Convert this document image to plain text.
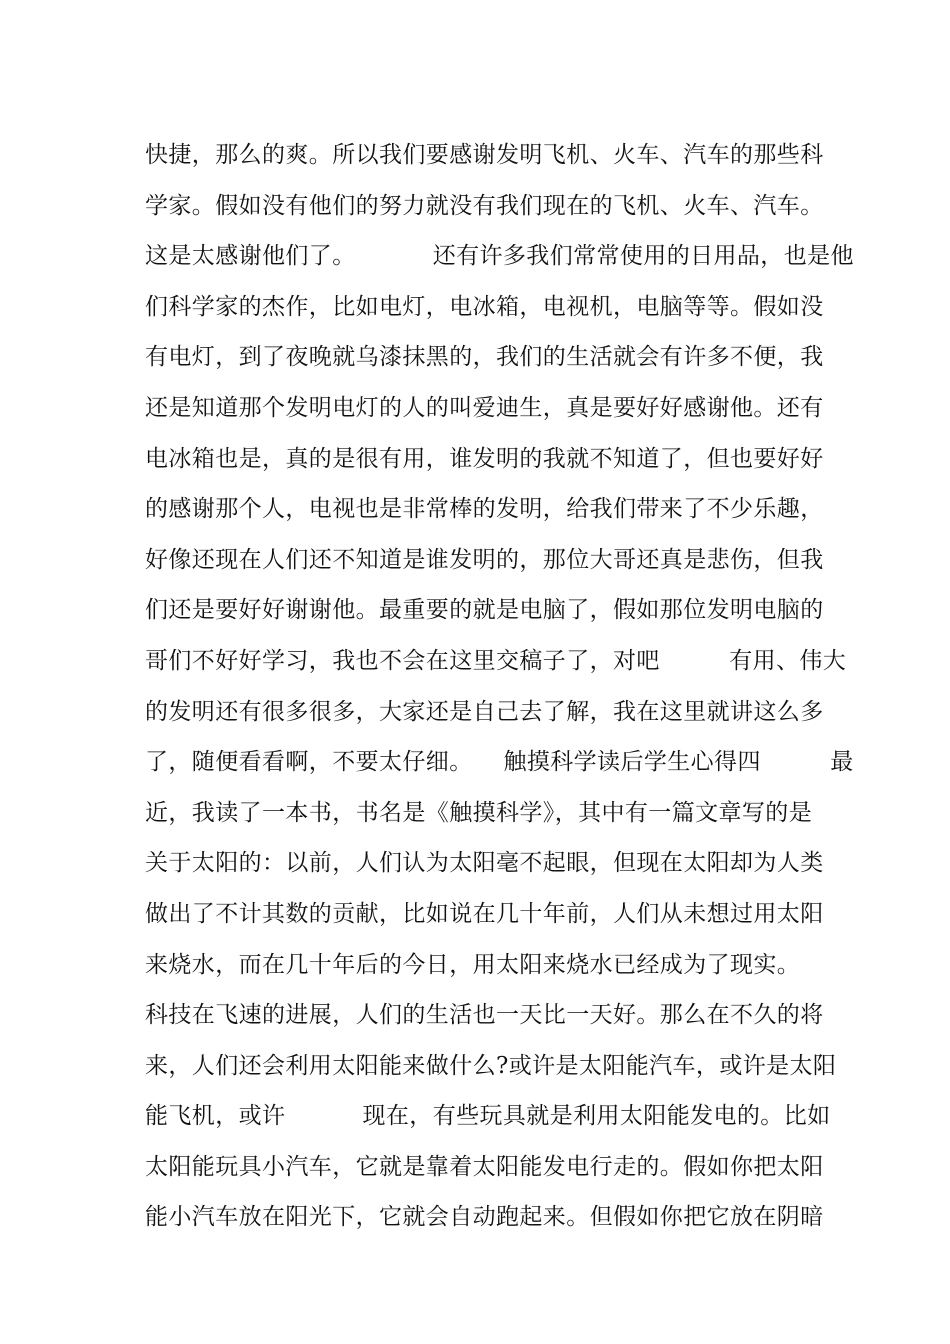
快捷，那么的爽。所以我们要感谢发明飞机、火车、汽车的那些科
学家。假如没有他们的努力就没有我们现在的飞机、火车、汽车。
这是太感谢他们了。          还有许多我们常常使用的日用品，也是他
们科学家的杰作，比如电灯，电冰箱，电视机，电脑等等。假如没
有电灯，到了夜晚就乌漆抹黑的，我们的生活就会有许多不便，我
还是知道那个发明电灯的人的叫爱迪生，真是要好好感谢他。还有
电冰箱也是，真的是很有用，谁发明的我就不知道了，但也要好好
的感谢那个人，电视也是非常棒的发明，给我们带来了不少乐趣，
好像还现在人们还不知道是谁发明的，那位大哥还真是悲伤，但我
们还是要好好谢谢他。最重要的就是电脑了，假如那位发明电脑的
哥们不好好学习，我也不会在这里交稿子了，对吧         有用、伟大
的发明还有很多很多，大家还是自己去了解，我在这里就讲这么多
了，随便看看啊，不要太仔细。    触摸科学读后学生心得四         最
近，我读了一本书，书名是《触摸科学》，其中有一篇文章写的是
关于太阳的：以前，人们认为太阳毫不起眼，但现在太阳却为人类
做出了不计其数的贡献，比如说在几十年前，人们从未想过用太阳
来烧水，而在几十年后的今日，用太阳来烧水已经成为了现实。
科技在飞速的进展，人们的生活也一天比一天好。那么在不久的将
来，人们还会利用太阳能来做什么?或许是太阳能汽车，或许是太阳
能飞机，或许          现在，有些玩具就是利用太阳能发电的。比如
太阳能玩具小汽车，它就是靠着太阳能发电行走的。假如你把太阳
能小汽车放在阳光下，它就会自动跑起来。但假如你把它放在阴暗
